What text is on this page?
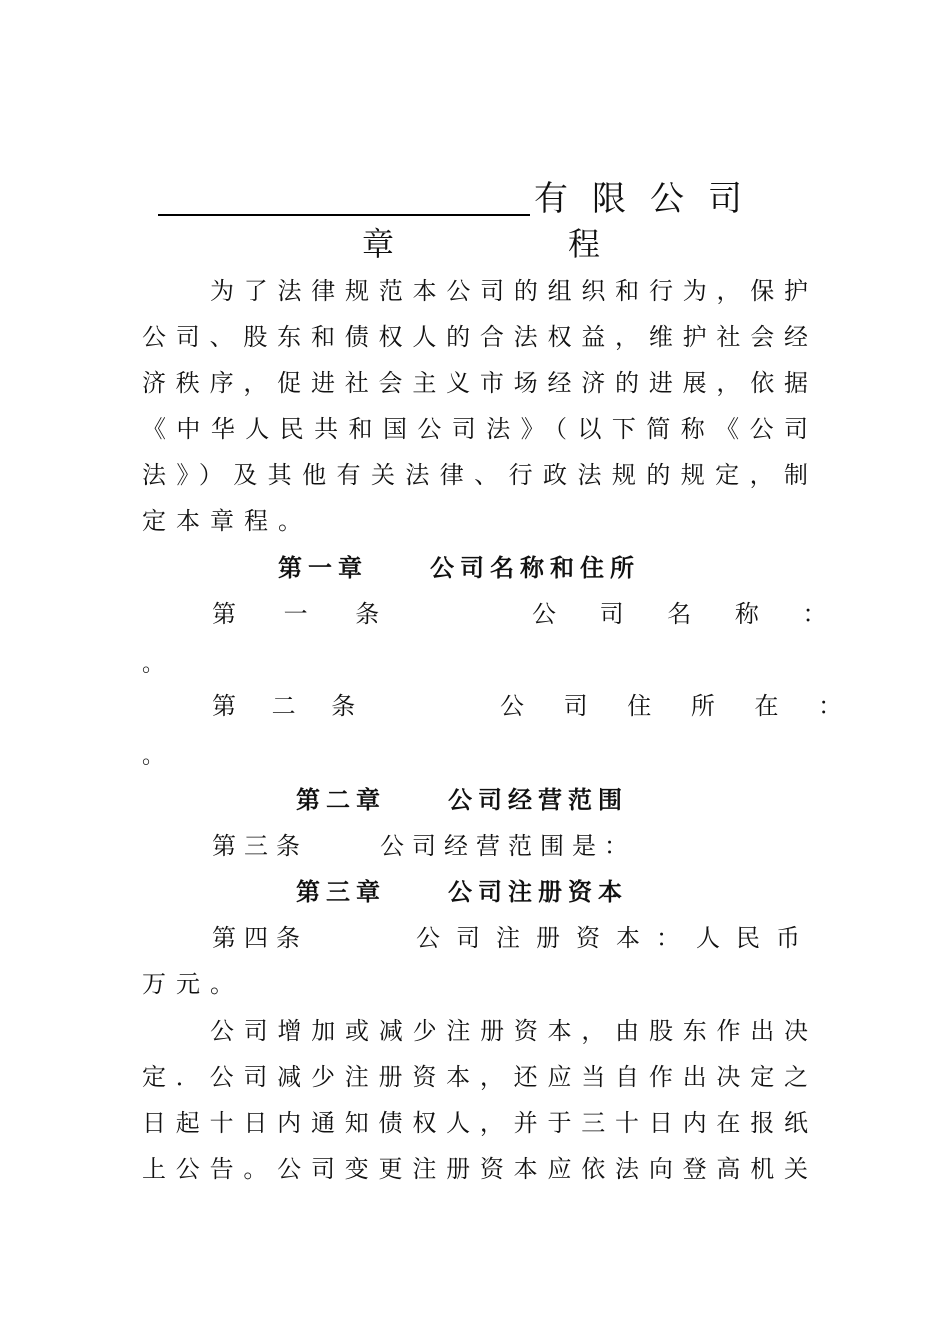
有限公司
章	程
为了法律规范本公司的组织和行为，保护
公司、股东和债权人的合法权益，维护社会经
济秩序，促进社会主义市场经济的进展，依据
《中华人民共和国公司法》（以下简称《公司
法》）及其他有关法律、行政法规的规定，制
定本章程。
第一章	公司名称和住所
第 一 条	公 司 名 称 ：
。
第 二 条	公 司 住 所 在 ：
。
第二章	公司经营范围
第三条	公司经营范围是：
第三章	公司注册资本
第四条	公司注册资本：人民币
万元。
公司增加或减少注册资本，由股东作出决
定．公司减少注册资本，还应当自作出决定之
日起十日内通知债权人，并于三十日内在报纸
上公告。公司变更注册资本应依法向登高机关
